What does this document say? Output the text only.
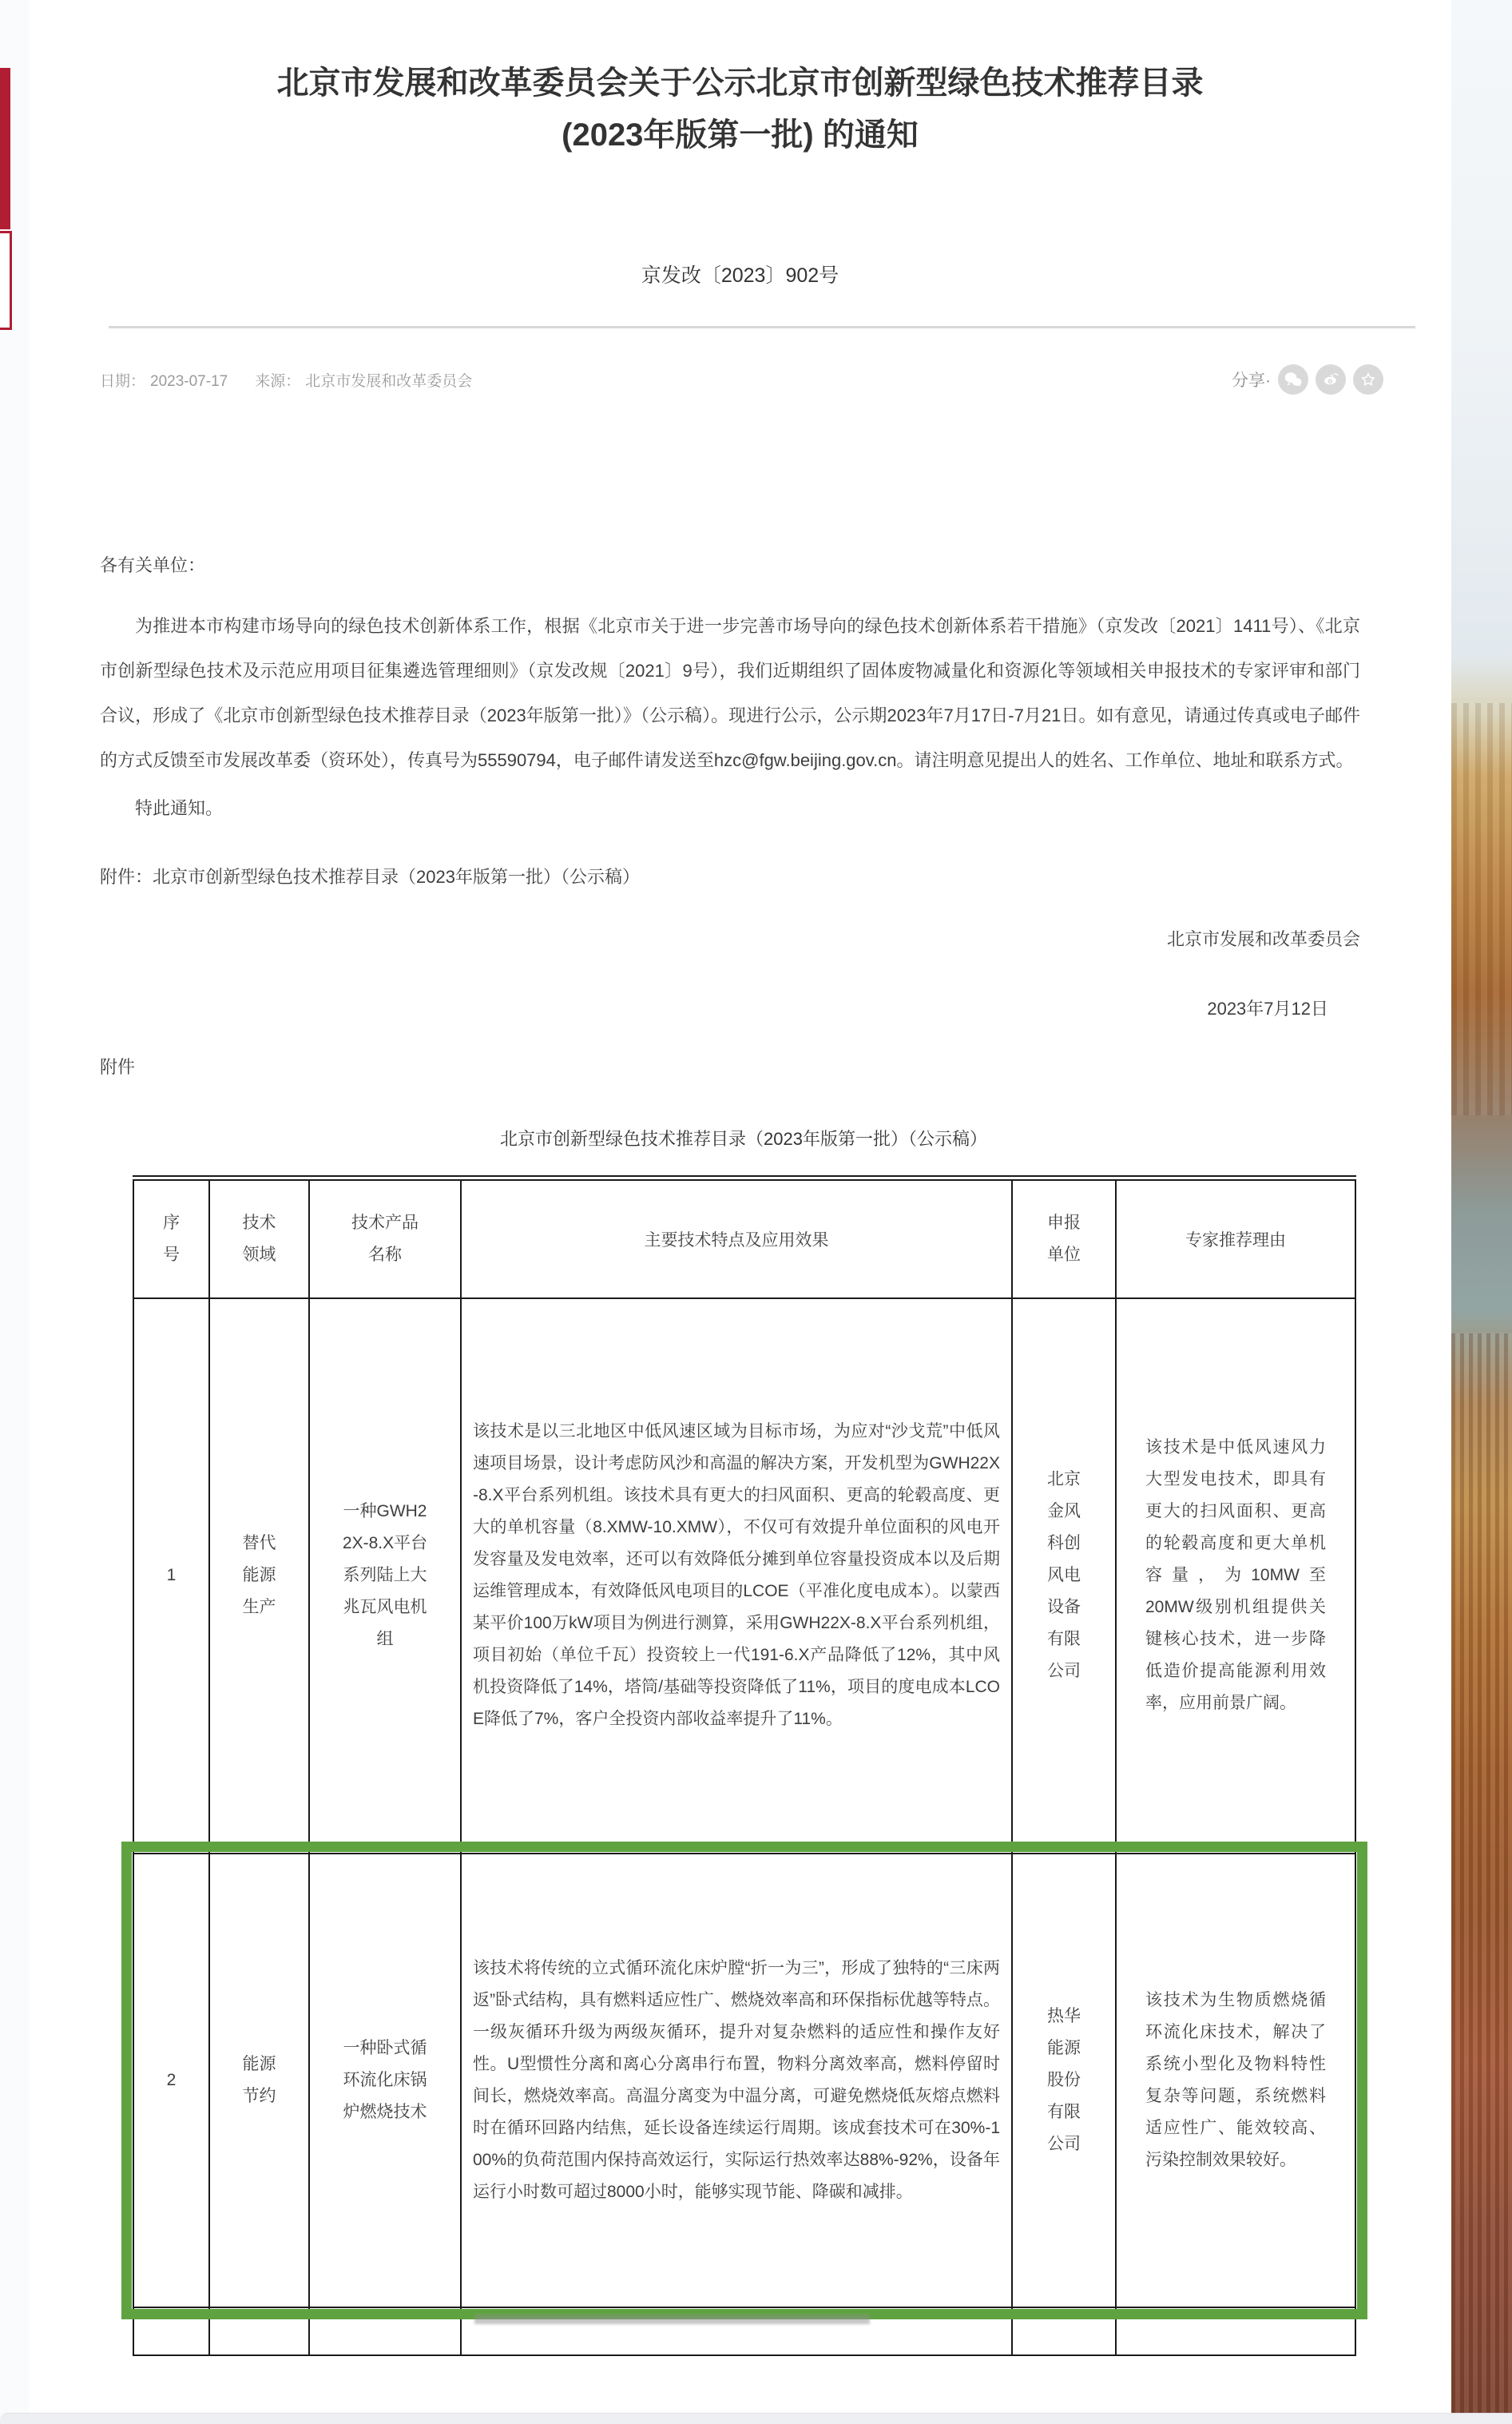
北京市发展和改革委员会关于公示北京市创新型绿色技术推荐目录
(2023年版第一批) 的通知
京发改〔2023〕902号
日期： 2023-07-17 来源： 北京市发展和改革委员会	分享·

各有关单位：

为推进本市构建市场导向的绿色技术创新体系工作，根据《北京市关于进一步完善市场导向的绿色技术创新体系若干措施》（京发改〔2021〕1411号）、《北京市创新型绿色技术及示范应用项目征集遴选管理细则》（京发改规〔2021〕9号），我们近期组织了固体废物减量化和资源化等领域相关申报技术的专家评审和部门合议，形成了《北京市创新型绿色技术推荐目录（2023年版第一批）》（公示稿）。现进行公示，公示期2023年7月17日-7月21日。如有意见，请通过传真或电子邮件的方式反馈至市发展改革委（资环处），传真号为55590794，电子邮件请发送至hzc@fgw.beijing.gov.cn。请注明意见提出人的姓名、工作单位、地址和联系方式。

特此通知。

附件：北京市创新型绿色技术推荐目录（2023年版第一批）（公示稿）

北京市发展和改革委员会

2023年7月12日

附件

北京市创新型绿色技术推荐目录（2023年版第一批）（公示稿）
序号	技术领域	技术产品名称	主要技术特点及应用效果	申报单位	专家推荐理由

1	替代能源生产	一种GWH22X-8.X平台系列陆上大兆瓦风电机组	该技术是以三北地区中低风速区域为目标市场，为应对“沙戈荒”中低风速项目场景，设计考虑防风沙和高温的解决方案，开发机型为GWH22X-8.X平台系列机组。该技术具有更大的扫风面积、更高的轮毂高度、更大的单机容量（8.XMW-10.XMW），不仅可有效提升单位面积的风电开发容量及发电效率，还可以有效降低分摊到单位容量投资成本以及后期运维管理成本，有效降低风电项目的LCOE（平准化度电成本）。以蒙西某平价100万kW项目为例进行测算，采用GWH22X-8.X平台系列机组，项目初始（单位千瓦）投资较上一代191-6.X产品降低了12%，其中风机投资降低了14%，塔筒/基础等投资降低了11%，项目的度电成本LCOE降低了7%，客户全投资内部收益率提升了11%。	北京金风科创风电设备有限公司	该技术是中低风速风力大型发电技术，即具有更大的扫风面积、更高的轮毂高度和更大单机容量，为10MW至20MW级别机组提供关键核心技术，进一步降低造价提高能源利用效率，应用前景广阔。

2	能源节约	一种卧式循环流化床锅炉燃烧技术	该技术将传统的立式循环流化床炉膛“折一为三”，形成了独特的“三床两返”卧式结构，具有燃料适应性广、燃烧效率高和环保指标优越等特点。一级灰循环升级为两级灰循环，提升对复杂燃料的适应性和操作友好性。U型惯性分离和离心分离串行布置，物料分离效率高，燃料停留时间长，燃烧效率高。高温分离变为中温分离，可避免燃烧低灰熔点燃料时在循环回路内结焦，延长设备连续运行周期。该成套技术可在30%-100%的负荷范围内保持高效运行，实际运行热效率达88%-92%，设备年运行小时数可超过8000小时，能够实现节能、降碳和减排。	热华能源股份有限公司	该技术为生物质燃烧循环流化床技术，解决了系统小型化及物料特性复杂等问题，系统燃料适应性广、能效较高、污染控制效果较好。
